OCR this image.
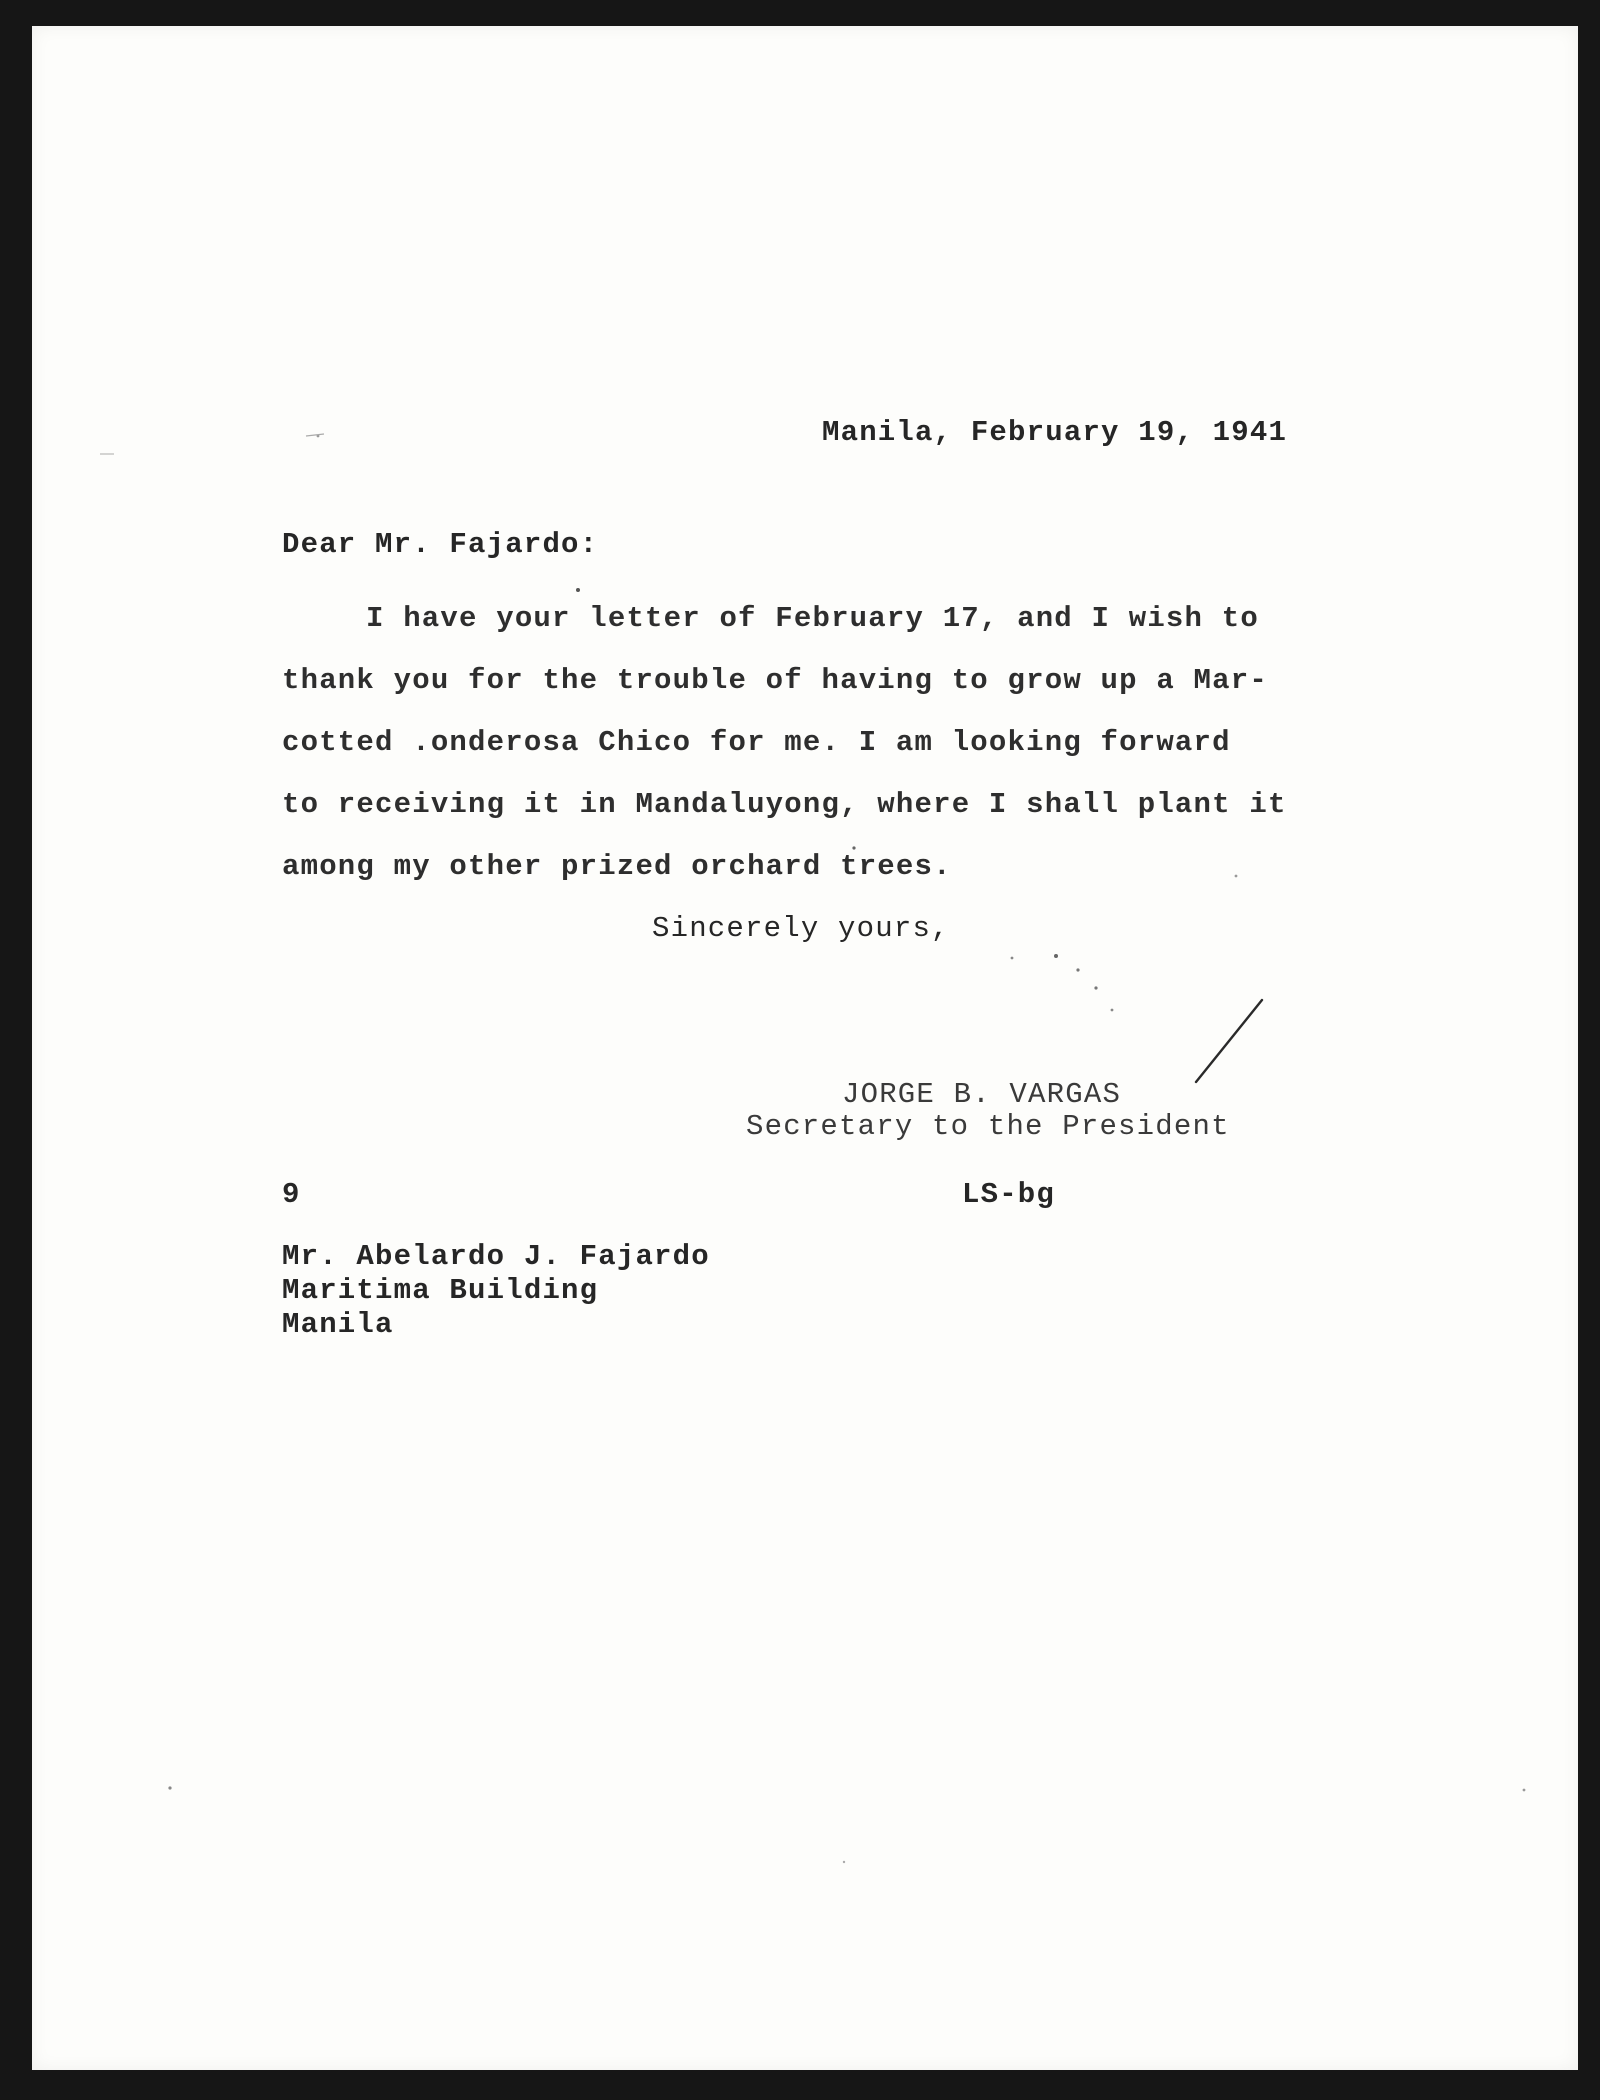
Manila, February 19, 1941
Dear Mr. Fajardo:
I have your letter of February 17, and I wish to
thank you for the trouble of having to grow up a Mar-
cotted .onderosa Chico for me. I am looking forward
to receiving it in Mandaluyong, where I shall plant it
among my other prized orchard trees.
Sincerely yours,
JORGE B. VARGAS
Secretary to the President
9	LS-bg
Mr. Abelardo J. Fajardo
Maritima Building
Manila
